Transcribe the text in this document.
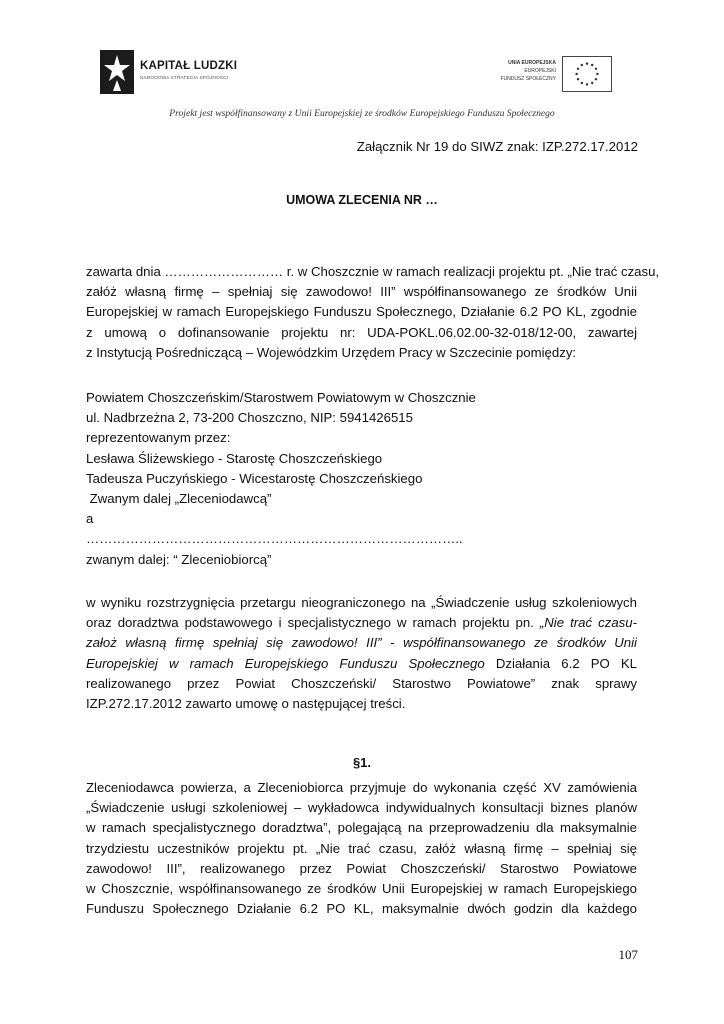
KAPITAŁ LUDZKI
NARODOWA STRATEGIA SPÓJNOŚCI
UNIA EUROPEJSKA
EUROPEJSKI
FUNDUSZ SPOŁECZNY
Projekt jest współfinansowany z Unii Europejskiej ze środków Europejskiego Funduszu Społecznego
Załącznik Nr 19 do SIWZ znak: IZP.272.17.2012
UMOWA ZLECENIA NR …
zawarta dnia ……………………… r. w Choszcznie w ramach realizacji projektu pt. „Nie trać czasu,
załóż własną firmę – spełniaj się zawodowo! III” współfinansowanego ze środków Unii
Europejskiej w ramach Europejskiego Funduszu Społecznego, Działanie 6.2 PO KL, zgodnie
z umową o dofinansowanie projektu nr: UDA-POKL.06.02.00-32-018/12-00, zawartej
z Instytucją Pośredniczącą – Wojewódzkim Urzędem Pracy w Szczecinie pomiędzy:
Powiatem Choszczeńskim/Starostwem Powiatowym w Choszcznie
ul. Nadbrzeżna 2, 73-200 Choszczno, NIP: 5941426515
reprezentowanym przez:
Lesława Śliżewskiego - Starostę Choszczeńskiego
Tadeusza Puczyńskiego - Wicestarostę Choszczeńskiego
Zwanym dalej „Zleceniodawcą”
a
…………………………………………………………………………..
zwanym dalej: “ Zleceniobiorcą”
w wyniku rozstrzygnięcia przetargu nieograniczonego na „Świadczenie usług szkoleniowych
oraz doradztwa podstawowego i specjalistycznego w ramach projektu pn. „Nie trać czasu-
założ własną firmę spełniaj się zawodowo! III” - współfinansowanego ze środków Unii
Europejskiej w ramach Europejskiego Funduszu Społecznego Działania 6.2 PO KL
realizowanego przez Powiat Choszczeński/ Starostwo Powiatowe” znak sprawy
IZP.272.17.2012 zawarto umowę o następującej treści.
§1.
Zleceniodawca powierza, a Zleceniobiorca przyjmuje do wykonania część XV zamówienia
„Świadczenie usługi szkoleniowej – wykładowca indywidualnych konsultacji biznes planów
w ramach specjalistycznego doradztwa”, polegającą na przeprowadzeniu dla maksymalnie
trzydziestu uczestników projektu pt. „Nie trać czasu, załóż własną firmę – spełniaj się
zawodowo! III”, realizowanego przez Powiat Choszczeński/ Starostwo Powiatowe
w Choszcznie, współfinansowanego ze środków Unii Europejskiej w ramach Europejskiego
Funduszu Społecznego Działanie 6.2 PO KL, maksymalnie dwóch godzin dla każdego
107
